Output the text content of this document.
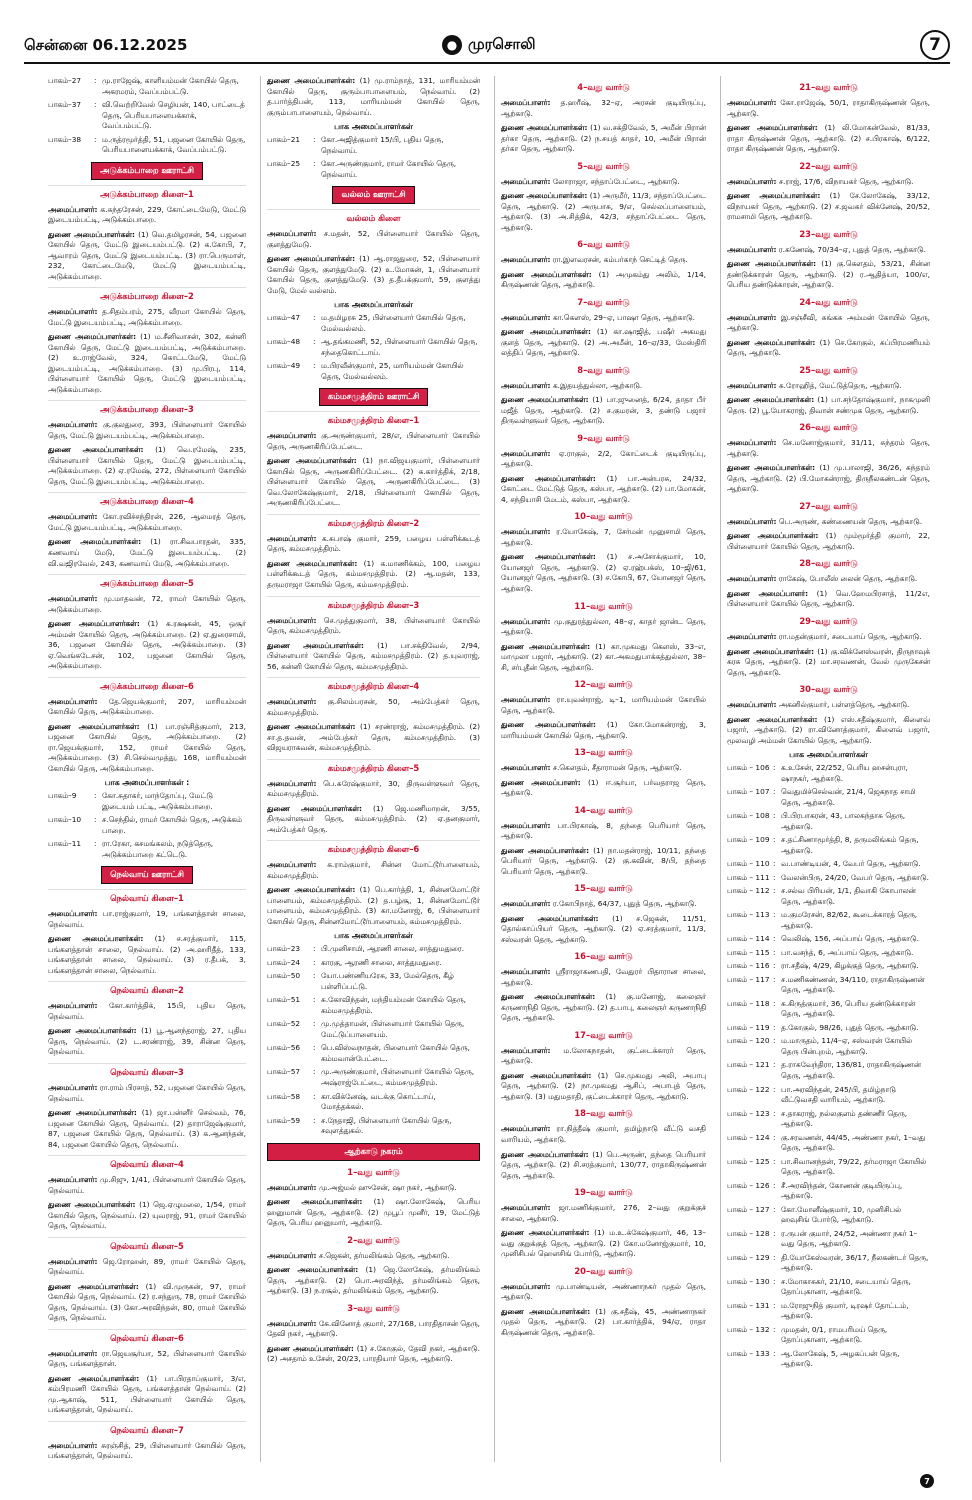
சென்னை 06.12.2025	● முரசொலி	7
பாகம்–27	: மு.ராஜேஷ், காளியம்மன் கோயில் தெரு, அகரமரம், வேப்பம்பட்டு.
பாகம்–37	: வி.வெற்றிவேல் செழியன், 140, பாட்டைத் தெரு, பெரியபாளையக்காக், வேப்பம்பட்டு.
பாகம்–38	: ம.ருத்ரமூர்த்தி, 51, பஜனை கோயில் தெரு, பெரியபாளையக்காக், வேப்பம்பட்டு.
அடுக்கம்பாறை ஊராட்சி
அடுக்கம்பாறை கிளை–1

அமைப்பாளர்: க.சுந்தரேசன், 229, கோட்டைமேடு, மேட்டு இடையம்பட்டி, அடுக்கம்பாறை.

துணை அமைப்பாளர்கள்: (1) வெ.தமிழரசன், 54, பஜனை கோயில் தெரு, மேட்டு இடையம்பட்டு. (2) க.கோபி, 7, ஆவாரம் தெரு, மேட்டு இடையம்பட்டி. (3) ரா.பெருமாள், 232, கோட்டைமேடு, மேட்டு இடையம்பட்டி, அடுக்கம்பாறை.

அடுக்கம்பாறை கிளை–2

அமைப்பாளர்: த.சிதம்பரம், 275, வீரமா கோயில் தெரு, மேட்டு இடையம்பட்டி, அடுக்கம்பாறை.

துணை அமைப்பாளர்கள்: (1) ம.சீனிவாசன், 302, கன்னி கோயில் தெரு, மேட்டு இடையம்பட்டி, அடுக்கம்பாறை. (2) உ.ராஜ்வேல், 324, கொட்டமேடு, மேட்டு இடையம்பட்டி, அடுக்கம்பாறை. (3) மு.பிரபு, 114, பிள்ளையார் கோயில் தெரு, மேட்டு இடையம்பட்டி, அடுக்கம்பாறை.

அடுக்கம்பாறை கிளை–3

அமைப்பாளர்: கு.குலதுரை, 393, பிள்ளையார் கோயில் தெரு, மேட்டு இடையம்பட்டி, அடுக்கம்பாறை.

துணை அமைப்பாளர்கள்: (1) வெ.ரமேஷ், 235, பிள்ளையார் கோயில் தெரு, மேட்டு இடையம்பட்டி, அடுக்கம்பாறை. (2) ஏ.ரமேஷ், 272, பிள்ளையார் கோயில் தெரு, மேட்டு இடையம்பட்டி, அடுக்கம்பாறை.

அடுக்கம்பாறை கிளை–4

அமைப்பாளர்: கோ.ரவிச்சந்திரன், 226, ஆலமரத் தெரு, மேட்டு இடையம்பட்டி, அடுக்கம்பாறை.

துணை அமைப்பாளர்கள்: (1) ரா.சிவபாரதன், 335, கணவாய் மேடு, மேட்டு இடையம்பட்டி. (2) வி.வஜிரவேல், 243, கணவாய் மேடு, அடுக்கம்பாறை.

அடுக்கம்பாறை கிளை–5

அமைப்பாளர்: மு.மாதவன், 72, ராமர் கோயில் தெரு, அடுக்கம்பாறை.

துணை அமைப்பாளர்கள்: (1) க.ரக்ஷகன், 45, ஒசூர் அம்மன் கோயில் தெரு, அடுக்கம்பாறை. (2) ஏ.துரைசாமி, 36, பஜனை கோயில் தெரு, அடுக்கம்பாறை. (3) ஏ.வெங்கடேசன், 102, பஜனை கோயில் தெரு, அடுக்கம்பாறை.

அடுக்கம்பாறை கிளை–6

அமைப்பாளர்: தே.ஜெயக்குமார், 207, மாரியம்மன் கோயில் தெரு, அடுக்கம்பாறை.

துணை அமைப்பாளர்கள்: (1) பா.ரஞ்சித்குமார், 213, பஜனை கோயில் தெரு, அடுக்கம்பாறை. (2) ரா.ஜெயக்குமார், 152, ராமர் கோயில் தெரு, அடுக்கம்பாறை. (3) சி.செல்வமுத்து, 168, மாரியம்மன் கோயில் தெரு, அடுக்கம்பாறை.

பாக அமைப்பாளர்கள் :
பாகம்–9	: கோ.சுதாகர், மாந்தோப்பு, மேட்டு இடையம் பட்டி, அடுக்கம்பாறை.
பாகம்–10	: ச.செந்தில், ராமர் கோயில் தெரு, அடுக்கம் பாறை.
பாகம்–11	: ரா.ரேகா, கசமங்கலம், நடுத்தெரு, அடுக்கம்பாறை கட்டெடு.
நெல்வாய் ஊராட்சி
நெல்வாய் கிளை–1

அமைப்பாளர்: பா.ராஜ்குமார், 19, பங்களத்தான் சாலை, நெல்வாய்.

துணை அமைப்பாளர்கள்: (1) ச.சரத்குமார், 115, பங்களத்தான் சாலை, நெல்வாய். (2) அ.ஹரிதீத், 133, பங்களத்தான் சாலை, நெல்வாய். (3) ர.தீபக், 3, பங்களத்தான் சாலை, நெல்வாய்.

நெல்வாய் கிளை–2

அமைப்பாளர்: கோ.கார்த்திக், 15பி, புதிய தெரு, நெல்வாய்.

துணை அமைப்பாளர்கள்: (1) பூ.ஆனந்தராஜ், 27, புதிய தெரு, நெல்வாய். (2) ட.சரண்ராஜ், 39, சின்ன தெரு, நெல்வாய்.

நெல்வாய் கிளை–3

அமைப்பாளர்: ரா.ராம் பிரசாத், 52, பஜனை கோயில் தெரு, நெல்வாய்.

துணை அமைப்பாளர்கள்: (1) ஜா.பன்னீர் செல்வம், 76, பஜனை கோயில் தெரு, நெல்வாய். (2) தாராஜேஷ்குமார், 87, பஜனை கோயில் தெரு, நெல்வாய். (3) க.ஆனந்தன், 84, பஜனை கோயில் தெரு, நெல்வாய்.

நெல்வாய் கிளை–4

அமைப்பாளர்: மு.சிஜு, 1/41, பிள்ளையார் கோயில் தெரு, நெல்வாய்.

துணை அமைப்பாளர்கள்: (1) ஜெ.ஏழுமலை, 1/54, ராமர் கோயில் தெரு, நெல்வாய். (2) யுவராஜ், 91, ராமர் கோயில் தெரு, நெல்வாய்.

நெல்வாய் கிளை–5

அமைப்பாளர்: ஜெ.ரோஹன், 89, ராமர் கோயில் தெரு, நெல்வாய்.

துணை அமைப்பாளர்கள்: (1) வி.முருகன், 97, ராமர் கோயில் தெரு, நெல்வாய். (2) ர.சந்துரு, 78, ராமர் கோயில் தெரு, நெல்வாய். (3) கோ.அரவிந்தன், 80, ராமர் கோயில் தெரு, நெல்வாய்.

நெல்வாய் கிளை–6

அமைப்பாளர்: ரா.ஜெயசூர்யா, 52, பிள்ளையார் கோயில் தெரு, பங்களத்தான்.

துணை அமைப்பாளர்கள்: (1) பா.பிரதாப்குமார், 3/எ, கம்பிரமணி கோயில் தெரு, பங்களத்தான் நெல்வாய். (2) மு.ஆகாஷ், 511, பிள்ளையார் கோயில் தெரு, பங்களத்தான், நெல்வாய்.

நெல்வாய் கிளை–7

அமைப்பாளர்: சுரஞ்சித், 29, பிள்ளையார் கோயில் தெரு, பங்களத்தான், நெல்வாய்.

துணை அமைப்பாளர்கள்: (1) மு.ராம்நாத், 131, மாரியம்மன் கோயில் தெரு, குரும்பாபாளையம், நெல்வாய். (2) த.பார்த்திபன், 113, மாரியம்மன் கோயில் தெரு, குரும்பாபாளையம், நெல்வாய்.

பாக அமைப்பாளர்கள்
பாகம்–21	: கோ.அஜித்குமார் 15/பி, புதிய தெரு, நெல்வாய்.
பாகம்–25	: கோ.அருண்குமார், ராமர் கோயில் தெரு, நெல்வாய்.
வல்லம் ஊராட்சி
வல்லம் கிளை

அமைப்பாளர்: ச.மதன், 52, பிள்ளையார் கோயில் தெரு, குளத்துமேடு.

துணை அமைப்பாளர்கள்: (1) ஆ.ராஜதுரை, 52, பிள்ளையார் கோயில் தெரு, குளத்துமேடு. (2) உ.மோகன், 1, பிள்ளையார் கோயில் தெரு, குளத்துமேடு. (3) த.தீபக்குமார், 59, குளத்து மேடு, மேல் வல்லம்.

பாக அமைப்பாளர்கள்
பாகம்–47	: ம.தமிழரசு 25, பிள்ளையார் கோயில் தெரு, மேல்வல்லம்.
பாகம்–48	: ஆ.தங்கமணி, 52, பிள்ளையார் கோயில் தெரு, சந்தைகொட்டாய்.
பாகம்–49	: ம.பிரவீன்குமார், 25, மாரியம்மன் கோயில் தெரு, மேல்வல்லம்.
கம்மசமுத்திரம் ஊராட்சி
கம்மசமுத்திரம் கிளை–1

அமைப்பாளர்: கு.அருண்குமார், 28/எ, பிள்ளையார் கோயில் தெரு, அருணகிரிப்பேட்டை.

துணை அமைப்பாளர்கள்: (1) நா.விஜயகுமார், பிள்ளையார் கோயில் தெரு, அருணகிரிப்பேட்டை. (2) க.கார்த்திக், 2/18, பிள்ளையார் கோயில் தெரு, அருணகிரிப்பேட்டை. (3) வெ.லோகேஷ்குமார், 2/18, பிள்ளையார் கோயில் தெரு, அருணகிரிப்பேட்டை.

கம்மசமுத்திரம் கிளை–2

அமைப்பாளர்: க.சுபாஷ் குமார், 259, பழைய பள்ளிக்கூடத் தெரு, கம்மசமுத்திரம்.

துணை அமைப்பாளர்கள்: (1) க.மாணிக்கம், 100, பழைய பள்ளிக்கூடத் தெரு, கம்மசமுத்திரம். (2) ஆ.மதன், 133, தருமராஜா கோயில் தெரு, கம்மசமுத்திரம்.

கம்மசமுத்திரம் கிளை–3

அமைப்பாளர்: செ.முத்துகுமார், 38, பிள்ளையார் கோயில் தெரு, கம்மசமுத்திரம்.

துணை அமைப்பாளர்கள்: (1) பா.சக்திவேல், 2/94, பிள்ளையார் கோயில் தெரு, கம்மசமுத்திரம். (2) த.யுவராஜ், 56, கன்னி கோயில் தெரு, கம்மசமுத்திரம்.

கம்மசமுத்திரம் கிளை–4

அமைப்பாளர்: கு.சிலம்பரசன், 50, அம்பேத்கர் தெரு, கம்மசமுத்திரம்.

துணை அமைப்பாளர்கள்: (1) சரண்ராஜ், கம்மசமுத்திரம். (2) சா.த.தவன், அம்பேத்கர் தெரு, கம்மசமுத்திரம். (3) விஜயராகவன், கம்மசமுத்திரம்.

கம்மசமுத்திரம் கிளை–5

அமைப்பாளர்: பெ.சுரேஷ்குமார், 30, திருவள்ளுவர் தெரு, கம்மசமுத்திரம்.

துணை அமைப்பாளர்கள்: (1) ஜெ.மணிமாறன், 3/55, திருவள்ளுவர் தெரு, கம்மசமுத்திரம். (2) ஏ.தனகுமார், அம்பேத்கர் தெரு.

கம்மசமுத்திரம் கிளை–6

அமைப்பாளர்: க.ராம்குமார், சின்ன மோட்டூர்பாளையம், கம்மசமுத்திரம்.

துணை அமைப்பாளர்கள்: (1) பெ.கார்த்தி, 1, சின்னமோட்டூர் பாளையம், கம்மசமுத்திரம். (2) த.பழ்சூ, 1, சின்னமோட்டூர் பாளையம், கம்மசமுத்திரம். (3) கா.மனோஜ், 6, பிள்ளையார் கோயில் தெரு, சின்னமோட்டூர்பாளையம், கம்மசமுத்திரம்.

பாக அமைப்பாளர்கள்
பாகம்–23	: பி.முனிசாமி, ஆரணி சாலை, சாத்துமதுரை.
பாகம்–24	: காரகு, ஆரணி சாலை, சாத்துமதுரை.
பாகம்–50	: யோ.பண்ணியரேசு, 33, மேல்தெரு, கீழ் பள்ளிப்பட்டு.
பாகம்–51	: சு.கோவிந்தன், மந்தியம்மன் கோயில் தெரு, கம்மசமுத்திரம்.
பாகம்–52	: மு.முத்தாமன், பிள்ளையார் கோயில் தெரு, மேட்டுப்பாளையம்.
பாகம்–56	: பெ.விஸ்வநாதன், பிளையார் கோயில் தெரு, கம்மவான்பேட்டை.
பாகம்–57	: மு.அருண்குமார், பிள்ளையார் கோயில் தெரு, அஷ்ராஜ்பேட்டை, கம்மசமுத்திரம்.
பாகம்–58	: கா.விக்னேஷ், வடக்கு கொட்டாய், மோத்தக்கல்.
பாகம்–59	: ச.நேதாஜி, பிள்ளையார் கோயில் தெரு, சவுளத்துகல்.
ஆற்காடு நகரம்
1–வது வார்டு

அமைப்பாளர்: மு.அஜ்மல் ஹுசேன், ஷா நகர், ஆற்காடு.

துணை அமைப்பாளர்கள்: (1) ஷா.லோகேஷ், பெரிய ஹனுமான் தெரு, ஆற்காடு. (2) முபூப் முனீர், 19, மேட்டுத் தெரு, பெரிய ஹனுமார், ஆற்காடு.

2–வது வார்டு

அமைப்பாளர்: ச.ஜெகன், தர்மலிங்கம் தெரு, ஆற்காடு.

துணை அமைப்பாளர்கள்: (1) ஜெ.லோகேஷ், தர்மலிங்கம் தெரு, ஆற்காடு. (2) பொ.அரவிந்த், தர்மலிங்கம் தெரு, ஆற்காடு. (3) ந.ரசூல், தர்மலிங்கம் தெரு, ஆற்காடு.

3–வது வார்டு

அமைப்பாளர்: கே.வினோத் குமார், 27/168, பாரதிதாசன் தெரு, தேவி நகர், ஆற்காடு.

துணை அமைப்பாளர்கள்: (1) ச.கோகுல், தேவி நகர், ஆற்காடு. (2) அசதாம் உசேன், 20/23, பாரதியார் தெரு, ஆற்காடு.

4–வது வார்டு

அமைப்பாளர்: த.ஹரீஷ், 32–ஏ, அரசன் குடியிருப்பு, ஆற்காடு.

துணை அமைப்பாளர்கள்: (1) வ.சக்திவேல், 5, அமீன் பிரான் தர்கா தெரு, ஆற்காடு. (2) ந.சயத் காதர், 10, அமீன் பிரான் தர்கா தெரு, ஆற்காடு.

5–வது வார்டு

அமைப்பாளர்: லோராஜா, சந்தாப்பேட்டை, ஆற்காடு.

துணை அமைப்பாளர்கள்: (1) அருமீர், 11/3, சந்தாப்பேட்டை தெரு, ஆற்காடு. (2) அருபாசு, 9/எ, செல்லப்பாளையம், ஆற்காடு. (3) அ.சித்திக், 42/3, சந்தாப்பேட்டை தெரு, ஆற்காடு.

6–வது வார்டு

அமைப்பாளர்: ரா.இளவரசன், கம்பர்காந் செட்டித் தெரு.

துணை அமைப்பாளர்கள்: (1) அமுகம்து அலிம், 1/14, கிருஷ்ணன் தெரு, ஆற்காடு.

7–வது வார்டு

அமைப்பாளர்: கா.கௌஸ், 29–ஏ, பாஷா தெரு, ஆற்காடு.

துணை அமைப்பாளர்கள்: (1) கா.ஷாஜித், பஷீர் அகமது குளத் தெரு, ஆற்காடு. (2) அ.அமீன், 16–ஏ/33, மேஸ்திரி லத்திப் தெரு, ஆற்காடு.

8–வது வார்டு

அமைப்பாளர்: க.இதயத்துல்லா, ஆற்காடு.

துணை அமைப்பாளர்கள்: (1) பா.ஜுனைத், 6/24, தாதா பீர் மஜீத் தெரு, ஆற்காடு. (2) ச.குமரன், 3, தண்டு பஜார் திருவள்ளுவர் தெரு, ஆற்காடு.

9–வது வார்டு

அமைப்பாளர்: ஏ.ராகுல், 2/2, கோட்டைக் குடியிருப்பு, ஆற்காடு.

துணை அமைப்பாளர்கள்: (1) பா.அன்பரசு, 24/32, கோட்டை மேட்டுத் தெரு, கஸ்பா, ஆற்காடு. (2) பா.மோகன், 4, சந்தியாசி மேடம், கஸ்பா, ஆற்காடு.

10–வது வார்டு

அமைப்பாளர்: ர.யோகேஷ், 7, சேர்மன் முனுசாமி தெரு, ஆற்காடு.

துணை அமைப்பாளர்கள்: (1) ச.அசோக்குமார், 10, யோனஜர் தெரு, ஆற்காடு. (2) ஏ.ரஹ்பக்ஸ், 10–ஜி/61, யோனஜர் தெரு, ஆற்காடு. (3) ச.கோபி, 67, யோனஜர் தெரு, ஆற்காடு.

11–வது வார்டு

அமைப்பாளர்: மு.குதுரத்துல்லா, 48–ஏ, காதர் ஜான்ட தெரு, ஆற்காடு.

துணை அமைப்பாளர்கள்: (1) கா.முகமது கௌஸ், 33–எ, மாமுலா பஜார், ஆற்காடு. (2) கா.அகமதுபாக்கத்துல்லா, 38–சி, சர்புதீன் தெரு, ஆற்காடு.

12–வது வார்டு

அமைப்பாளர்: ரா.யுவன்ராஜ், டி–1, மாரியம்மன் கோயில் தெரு, ஆற்காடு.

துணை அமைப்பாளர்கள்: (1) கோ.மோகன்ராஜ், 3, மாரியம்மன் கோயில் தெரு, ஆற்காடு.

13–வது வார்டு

அமைப்பாளர்: ச.கௌதம், சீதாராமன் தெரு, ஆற்காடு.

துணை அமைப்பாளர்: (1) ஈ.சூர்யா, பர்வதராஜ தெரு, ஆற்காடு.

14–வது வார்டு

அமைப்பாளர்: பா.பிரகாஷ், 8, தந்தை பெரியார் தெரு, ஆற்காடு.

துணை அமைப்பாளர்கள்: (1) நா.மதன்ராஜ், 10/11, தந்தை பெரியார் தெரு, ஆற்காடு. (2) கு.கவின், 8/பி, தந்தை பெரியார் தெரு, ஆற்காடு.

15–வது வார்டு

அமைப்பாளர்: ர.கோபிநாத், 64/37, புதுத் தெரு, ஆற்காடு.

துணை அமைப்பாளர்கள்: (1) ச.ஜெகன், 11/51, தொல்காப்பியர் தெரு, ஆற்காடு. (2) ஏ.சரத்குமார், 11/3, சஸ்வரன் தெரு, ஆற்காடு.

16–வது வார்டு

அமைப்பாளர்: ஸ்ரீராஜாகணபதி, வேதுரர் பிதாரான சாலை, ஆற்காடு.

துணை அமைப்பாளர்கள்: (1) கு.மனோஜ், கலைஞர் கருணாநிதி தெரு, ஆற்காடு. (2) த.பாபு, கலைஞர் கருணாநிதி தெரு, ஆற்காடு.

17–வது வார்டு

அமைப்பாளர்: ம.லோகநாதன், குட்டைக்காரர் தெரு, ஆற்காடு.

துணை அமைப்பாளர்கள்: (1) செ.முகமது அலி, அபாபு தெரு, ஆற்காடு. (2) நா.முகமது ஆசிப், அபாபுத் தெரு, ஆற்காடு. (3) மதுமதாதி, குட்டைக்காரர் தெரு, ஆற்காடு.

18–வது வார்டு

அமைப்பாளர்: ரா.நித்தீஷ் குமார், தமிழ்நாடு வீட்டு வசதி வாரியம், ஆற்காடு.

துணை அமைப்பாளர்கள்: (1) பெ.அருண், தந்தை பெரியார் தெரு, ஆற்காடு. (2) சி.சரத்குமார், 130/77, ராதாகிருஷ்ணன் தெரு, ஆற்காடு.

19–வது வார்டு

அமைப்பாளர்: ஜா.மணிக்குமார், 276, 2–வது குறுக்குச் சாலை, ஆற்காடு.

துணை அமைப்பாளர்கள்: (1) ம.உ.க்கேஷ்குமார், 46, 13–வது குறுக்குத் தெரு, ஆற்காடு. (2) கோ.மனோஜ்குமார், 10, முனிசிபல் ஹௌசிங் போர்டு, ஆற்காடு.

20–வது வார்டு

அமைப்பாளர்: மு.பாண்டியன், அண்ணாநகர் முதல் தெரு, ஆற்காடு.

துணை அமைப்பாளர்கள்: (1) கு.சதீஷ், 45, அண்ணாநகர் முதல் தெரு, ஆற்காடு. (2) பா.கார்த்திக், 94/ஏ, ராதா கிருஷ்ணன் தெரு, ஆற்காடு.

21–வது வார்டு

அமைப்பாளர்: கோ.ராஜேஷ், 50/1, ராதாகிருஷ்ணன் தெரு, ஆற்காடு.

துணை அமைப்பாளர்கள்: (1) லி.மோகன்வேல், 81/33, ராதா கிருஷ்ணன் தெரு, ஆற்காடு. (2) ச.பிரகாஷ், 6/122, ராதா கிருஷ்ணன் தெரு, ஆற்காடு.

22–வது வார்டு

அமைப்பாளர்: ச.ராஜ், 17/6, விநாயகர் தெரு, ஆற்காடு.

துணை அமைப்பாளர்கள்: (1) சே.லோகேஷ், 33/12, விநாயகர் தெரு, ஆற்காடு. (2) ச.ஜவகர் விக்னேஷ், 20/52, ராமசாமி தெரு, ஆற்காடு.

23–வது வார்டு

அமைப்பாளர்: ர.கணேஷ், 70/34–ஏ, புதுத் தெரு, ஆற்காடு.

துணை அமைப்பாளர்கள்: (1) கு.கௌதம், 53/21, சின்ன தண்டுக்காரன் தெரு, ஆற்காடு. (2) ர.ஆதித்யா, 100/எ, பெரிய தண்டுக்காரன், ஆற்காடு.

24–வது வார்டு

அமைப்பாளர்: இ.சஞ்சீவி, சுங்கசு அம்மன் கோயில் தெரு, ஆற்காடு.

துணை அமைப்பாளர்கள்: (1) செ.கோகுல், சுப்பிரமணியம் தெரு, ஆற்காடு.

25–வது வார்டு

அமைப்பாளர்: சு.ரோஹித், மேட்டுத்தெரு, ஆற்காடு.

துணை அமைப்பாளர்கள்: (1) பா.சந்தோஷ்குமார், நாகமுனி தெரு. (2) பூ.யோகராஜ், திவான் சண்முக தெரு, ஆற்காடு.

26–வது வார்டு

அமைப்பாளர்: செ.மனோஜ்குமார், 31/11, சுந்தரம் தெரு, ஆற்காடு.

துணை அமைப்பாளர்கள்: (1) மு.பாலாஜி, 36/26, சுந்தரம் தெரு, ஆற்காடு. (2) பி.மோகன்ராஜ், திருநீலகண்டன் தெரு, ஆற்காடு.

27–வது வார்டு

அமைப்பாளர்: பெ.அருண், கண்ணையன் தெரு, ஆற்காடு.

துணை அமைப்பாளர்கள்: (1) மும்மூர்த்தி குமார், 22, பிள்ளையார் கோயில் தெரு, ஆற்காடு.

28–வது வார்டு

அமைப்பாளர்: ராகேஷ், போலீஸ் லைன் தெரு, ஆற்காடு.

துணை அமைப்பாளர்: (1) வெ.ஹேமபிரசாத், 11/2எ, பிள்ளையார் கோயில் தெரு, ஆற்காடு.

29–வது வார்டு

அமைப்பாளர்: ரா.மதன்குமார், சடையாய் தெரு, ஆற்காடு.

துணை அமைப்பாளர்கள்: (1) கு.விக்னேஸ்வரன், திருநாவுக் கரசு தெரு, ஆற்காடு. (2) மா.சரவணன், வேல் முருகேசன் தெரு, ஆற்காடு.

30–வது வார்டு

அமைப்பாளர்: அகனில்குமார், பள்ளத்தெரு, ஆற்காடு.

துணை அமைப்பாளர்கள்: (1) எஸ்.சதீஷ்குமார், கிளைவ் பஜார், ஆற்காடு. (2) ரா.வினோத்குமார், கிளைவ் பஜார், மூலவழி அம்மன் கோயில் தெரு, ஆற்காடு.

பாக அமைப்பாளர்கள்
பாகம் – 106 : க.உசேன், 22/252, பெரிய ஹசன்புரா, ஷாநகர், ஆற்காடு.
பாகம் – 107 : வெதுமிச்செல்வன், 21/4, ஜெகநாத சாமி தெரு, ஆற்காடு.
பாகம் – 108 : பி.பிரபாகரன், 43, பாலகந்தாசு தெரு, ஆற்காடு.
பாகம் – 109 : ச.தட்சிணாமூர்த்தி, 8, தருமலிங்கம் தெரு, ஆற்காடு.
பாகம் – 110 : வ.பாண்டியன், 4, வேபர் தெரு, ஆற்காடு.
பாகம் – 111 : வேலன்பிரு, 24/20, வேபர் தெரு, ஆற்காடு.
பாகம் – 112 : ச.சல்வ பிரியன், 1/1, திவாகி கோபாலன் தெரு, ஆற்காடு.
பாகம் – 113 : ம.குமரேசன், 82/62, கூடைக்காரத் தெரு, ஆற்காடு.
பாகம் – 114 : வெலிஷ், 156, அப்பாய் தெரு, ஆற்காடு.
பாகம் – 115 : பா.வசந்த், 6, அப்பாய் தெரு, ஆற்காடு.
பாகம் – 116 : ரா.சதீஷ், 4/29, கிழக்குத் தெரு, ஆற்காடு.
பாகம் – 117 : ச.மணிகண்ணன், 34/110, ராதாகிருஷ்ணன் தெரு, ஆற்காடு.
பாகம் – 118 : சு.கிருத்குமார், 36, பெரிய தண்டுக்காரன் தெரு, ஆற்காடு.
பாகம் – 119 : த.கோகுல், 98/26, புதுத் தெரு, ஆற்காடு.
பாகம் – 120 : ம.மாருதம், 11/4–ஏ, சஸ்வரன் கோயில் தெரு பின்புறம், ஆற்காடு.
பாகம் – 121 : த.ராகவேந்திரா, 136/81, ராதாகிருஷ்ணன் தெரு, ஆற்காடு.
பாகம் – 122 : பா.அரவிந்தன், 245/பி, தமிழ்நாடு வீட்டுவசதி வாரியம், ஆற்காடு.
பாகம் – 123 : ச.தாகராஜ், நல்லகுளம் தண்ணீர் தெரு, ஆற்காடு.
பாகம் – 124 : கு.சரவணன், 44/45, அண்ணா நகர், 1–வது தெரு, ஆற்காடு.
பாகம் – 125 : பா.சிவானந்தன், 79/22, தர்மராஜா கோயில் தெரு, ஆற்காடு.
பாகம் – 126 : சீ.அரவிந்தன், கோணன் குடியிருப்பு, ஆற்காடு.
பாகம் – 127 : கோ.மோனீஷ்குமார், 10, முனிசிபல் ஹவுசிங் போர்டு, ஆற்காடு.
பாகம் – 128 : ர.ருபன் குமார், 24/52, அண்ணா நகர் 1–வது தெரு, ஆற்காடு.
பாகம் – 129 : தி.யோகேஸ்வரன், 36/17, நீலகண்டர் தெரு, ஆற்காடு.
பாகம் – 130 : ச.மோகாசுகர், 21/10, சடையாய் தெரு, தோப்புகானா, ஆற்காடு.
பாகம் – 131 : ம.ரோஜுநித் குமார், டிரஷர் தோட்டம், ஆற்காடு.
பாகம் – 132 : முமதன், 0/1, ராமபரிமய் தெரு, தோப்புகானா, ஆற்காடு.
பாகம் – 133 : ஆ.லோகேஷ், 5, அழகப்பன் தெரு, ஆற்காடு.
7
